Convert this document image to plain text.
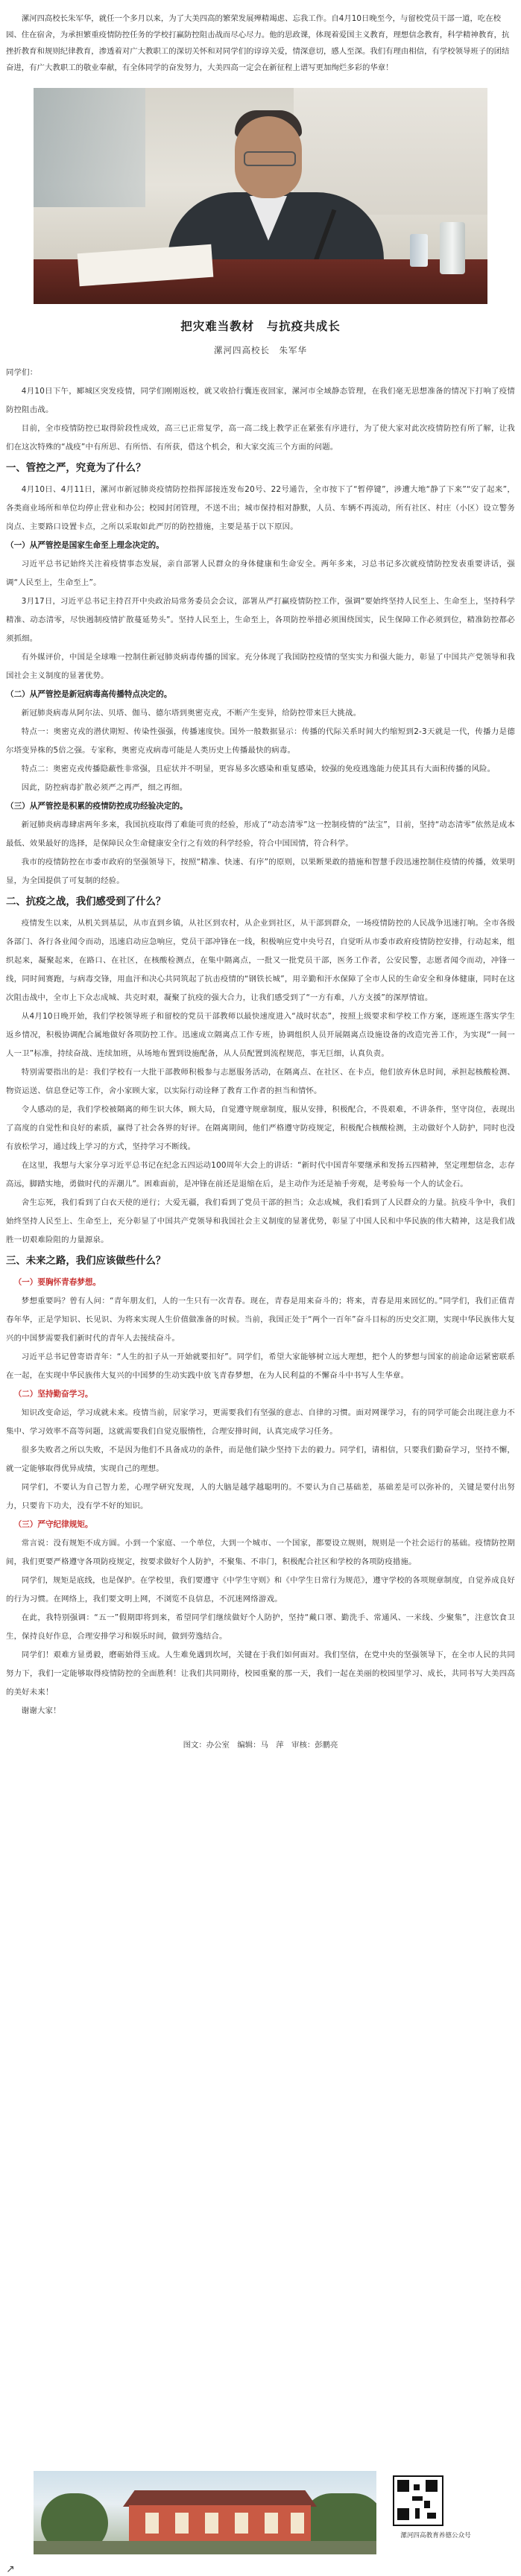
漯河四高校长朱军华，就任一个多月以来，为了大美四高的繁荣发展殚精竭虑、忘我工作。自4月10日晚至今，与留校党员干部一道，吃在校园、住在宿舍，为承担繁重疫情防控任务的学校打赢防控阻击战而尽心尽力。他的思政课，体现着爱国主义教育，理想信念教育，科学精神教育，抗挫折教育和规则纪律教育，渗透着对广大教职工的深切关怀和对同学们的谆谆关爱，情深意切，感人至深。我们有理由相信，有学校领导班子的团结奋进，有广大教职工的敬业奉献，有全体同学的奋发努力，大美四高一定会在新征程上谱写更加绚烂多彩的华章！

把灾难当教材　与抗疫共成长
漯河四高校长　朱军华

同学们：

4月10日下午，郾城区突发疫情，同学们刚刚返校，就又收拾行囊连夜回家，漯河市全域静态管理，在我们毫无思想准备的情况下打响了疫情防控阻击战。

目前，全市疫情防控已取得阶段性成效，高三已正常复学，高一高二线上教学正在紧张有序进行，为了使大家对此次疫情防控有所了解，让我们在这次特殊的“战疫”中有所思、有所悟、有所获，借这个机会，和大家交流三个方面的问题。

一、管控之严，究竟为了什么？

4月10日、4月11日，漯河市新冠肺炎疫情防控指挥部接连发布20号、22号通告，全市按下了“暂停键”，涉遭大地“静了下来”“安了起来”，各类商业场所和单位均停止营业和办公；校园封闭管理，不送不出；城市保持相对静默，人员、车辆不再流动，所有社区、村庄（小区）设立警务岗点、主要路口设置卡点，之所以采取如此严厉的防控措施，主要是基于以下原因。

（一）从严管控是国家生命至上理念决定的。

习近平总书记始终关注着疫情事态发展，亲自部署人民群众的身体健康和生命安全。两年多来，习总书记多次就疫情防控发表重要讲话，强调“人民至上，生命至上”。

3月17日，习近平总书记主持召开中央政治局常务委员会会议，部署从严打赢疫情防控工作，强调“要始终坚持人民至上、生命至上，坚持科学精准、动态清零，尽快遏制疫情扩散蔓延势头”。坚持人民至上，生命至上，各项防控举措必须围绕国实，民生保障工作必须到位，精准防控都必须抓细。

有外媒评价，中国是全球唯一控制住新冠肺炎病毒传播的国家。充分体现了我国防控疫情的坚实实力和强大能力，彰显了中国共产党领导和我国社会主义制度的显著优势。

（二）从严管控是新冠病毒高传播特点决定的。

新冠肺炎病毒从阿尔法、贝塔、伽马、德尔塔到奥密克戎，不断产生变异，给防控带来巨大挑战。

特点一：奥密克戎的潜伏期短、传染性强强，传播速度快。国外一般数据显示：传播的代际关系时间大约缩短到2-3天就是一代，传播力是德尔塔变异株的5倍之强。专家称，奥密克戎病毒可能是人类历史上传播最快的病毒。

特点二：奥密克戎传播隐蔽性非常强，且症状并不明显，更容易多次感染和重复感染，较强的免疫逃逸能力使其具有大面积传播的风险。

因此，防控病毒扩散必须严之再严，细之再细。

（三）从严管控是积累的疫情防控成功经验决定的。

新冠肺炎病毒肆虐两年多来，我国抗疫取得了难能可贵的经验，形成了“动态清零”这一控制疫情的“法宝”，目前，坚持“动态清零”依然是成本最低、效果最好的选择，是保障民众生命健康安全行之有效的科学经验，符合中国国情，符合科学。

我市的疫情防控在市委市政府的坚强领导下，按照“精准、快速、有序”的原则，以果断果敢的措施和智慧手段迅速控制住疫情的传播，效果明显，为全国提供了可复制的经验。

二、抗疫之战，我们感受到了什么？

疫情发生以来，从机关到基层，从市直到乡镇，从社区到农村，从企业到社区，从干部到群众，一场疫情防控的人民战争迅速打响。全市各级各部门、各行各业闻令而动，迅速启动应急响应，党员干部冲锋在一线，积极响应党中央号召，自觉听从市委市政府疫情防控安排，行动起来，组织起来，凝聚起来，在路口、在社区，在核酸检测点，在集中隔离点，一批又一批党员干部，医务工作者，公安民警，志愿者闻令而动，冲锋一线，同时间赛跑，与病毒交锋，用血汗和决心共同筑起了抗击疫情的“钢铁长城”，用辛勤和汗水保障了全市人民的生命安全和身体健康，同时在这次阻击战中，全市上下众志成城、共克时艰，凝聚了抗疫的强大合力，让我们感受到了“一方有难，八方支援”的深厚情谊。

从4月10日晚开始，我们学校领导班子和留校的党员干部教师以最快速度进入“战时状态”，按照上级要求和学校工作方案，逐班逐生落实学生返乡情况，积极协调配合属地做好各项防控工作。迅速成立隔离点工作专班，协调组织人员开展隔离点设施设备的改造完善工作，为实现“一间一人一卫”标准，持续奋战、连续加班，从场地布置到设施配备，从人员配置到流程规范，事无巨细，认真负责。

特别需要指出的是：我们学校有一大批干部教师积极参与志愿服务活动，在隔离点、在社区、在卡点，他们放弃休息时间，承担起核酸检测、物资运送、信息登记等工作，舍小家顾大家，以实际行动诠释了教育工作者的担当和情怀。

令人感动的是，我们学校被隔离的师生识大体，顾大局，自觉遵守规章制度，服从安排，积极配合，不畏艰难，不讲条件，坚守岗位，表现出了高度的自觉性和良好的素质，赢得了社会各界的好评。在隔离期间，他们严格遵守防疫规定，积极配合核酸检测，主动做好个人防护，同时也没有放松学习，通过线上学习的方式，坚持学习不断线。

在这里，我想与大家分享习近平总书记在纪念五四运动100周年大会上的讲话：“新时代中国青年要继承和发扬五四精神，坚定理想信念，志存高远，脚踏实地，勇做时代的弄潮儿”。困难面前，是冲锋在前还是退缩在后，是主动作为还是袖手旁观，是考验每一个人的试金石。

舍生忘死，我们看到了白衣天使的逆行；大爱无疆，我们看到了党员干部的担当；众志成城，我们看到了人民群众的力量。抗疫斗争中，我们始终坚持人民至上、生命至上，充分彰显了中国共产党领导和我国社会主义制度的显著优势，彰显了中国人民和中华民族的伟大精神，这是我们战胜一切艰难险阻的力量源泉。

三、未来之路，我们应该做些什么？
（一）要胸怀青春梦想。

梦想重要吗？曾有人问：“青年朋友们，人的一生只有一次青春。现在，青春是用来奋斗的；将来，青春是用来回忆的。”同学们，我们正值青春年华，正是学知识、长见识、为将来实现人生价值做准备的时候。当前，我国正处于“两个一百年”奋斗目标的历史交汇期，实现中华民族伟大复兴的中国梦需要我们新时代的青年人去接续奋斗。

习近平总书记曾寄语青年：“人生的扣子从一开始就要扣好”。同学们，希望大家能够树立远大理想，把个人的梦想与国家的前途命运紧密联系在一起，在实现中华民族伟大复兴的中国梦的生动实践中放飞青春梦想，在为人民利益的不懈奋斗中书写人生华章。

（二）坚持勤奋学习。

知识改变命运，学习成就未来。疫情当前，居家学习，更需要我们有坚强的意志、自律的习惯。面对网课学习，有的同学可能会出现注意力不集中、学习效率不高等问题，这就需要我们自觉克服惰性，合理安排时间，认真完成学习任务。

很多失败者之所以失败，不是因为他们不具备成功的条件，而是他们缺少坚持下去的毅力。同学们，请相信，只要我们勤奋学习，坚持不懈，就一定能够取得优异成绩，实现自己的理想。

同学们，不要认为自己智力差，心理学研究发现，人的大脑是越学越聪明的。不要认为自己基础差，基础差是可以弥补的，关键是要付出努力，只要肯下功夫，没有学不好的知识。

（三）严守纪律规矩。

常言说：没有规矩不成方圆。小到一个家庭、一个单位，大到一个城市、一个国家，都要设立规则，规则是一个社会运行的基础。疫情防控期间，我们更要严格遵守各项防疫规定，按要求做好个人防护，不聚集、不串门，积极配合社区和学校的各项防疫措施。

同学们，规矩是底线，也是保护。在学校里，我们要遵守《中学生守则》和《中学生日常行为规范》，遵守学校的各项规章制度，自觉养成良好的行为习惯。在网络上，我们要文明上网，不浏览不良信息，不沉迷网络游戏。

在此，我特别强调：“五一”假期即将到来，希望同学们继续做好个人防护，坚持“戴口罩、勤洗手、常通风、一米线、少聚集”，注意饮食卫生，保持良好作息，合理安排学习和娱乐时间，做到劳逸结合。

同学们！艰难方显勇毅，磨砺始得玉成。人生难免遇到坎坷，关键在于我们如何面对。我们坚信，在党中央的坚强领导下，在全市人民的共同努力下，我们一定能够取得疫情防控的全面胜利！让我们共同期待，校园重聚的那一天，我们一起在美丽的校园里学习、成长，共同书写大美四高的美好未来！

谢谢大家！

图文：办公室　编辑：马　萍　审核：彭鹏亮
漯河四高教育养德公众号
↗
